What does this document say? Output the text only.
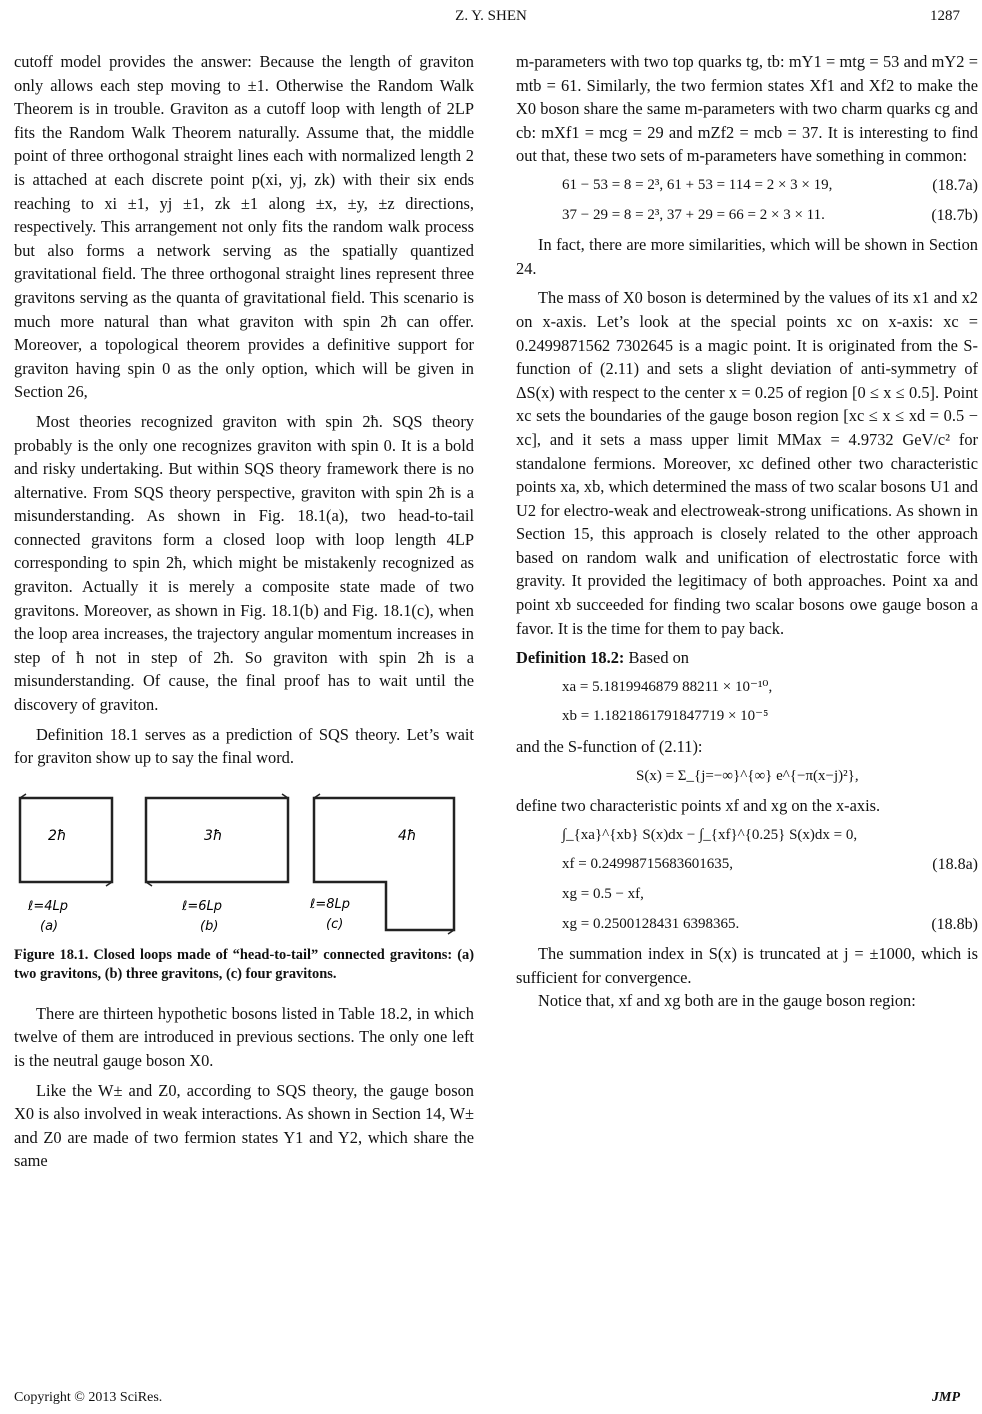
Z. Y. SHEN	1287

cutoff model provides the answer: Because the length of graviton only allows each step moving to ±1. Otherwise the Random Walk Theorem is in trouble. Graviton as a cutoff loop with length of 2LP fits the Random Walk Theorem naturally. Assume that, the middle point of three orthogonal straight lines each with normalized length 2 is attached at each discrete point p(xi, yj, zk) with their six ends reaching to xi ±1, yj ±1, zk ±1 along ±x, ±y, ±z directions, respectively. This arrangement not only fits the random walk process but also forms a network serving as the spatially quantized gravitational field. The three orthogonal straight lines represent three gravitons serving as the quanta of gravitational field. This scenario is much more natural than what graviton with spin 2ħ can offer. Moreover, a topological theorem provides a definitive support for graviton having spin 0 as the only option, which will be given in Section 26,

Most theories recognized graviton with spin 2ħ. SQS theory probably is the only one recognizes graviton with spin 0. It is a bold and risky undertaking. But within SQS theory framework there is no alternative. From SQS theory perspective, graviton with spin 2ħ is a misunderstanding. As shown in Fig. 18.1(a), two head-to-tail connected gravitons form a closed loop with loop length 4LP corresponding to spin 2ħ, which might be mistakenly recognized as graviton. Actually it is merely a composite state made of two gravitons. Moreover, as shown in Fig. 18.1(b) and Fig. 18.1(c), when the loop area increases, the trajectory angular momentum increases in step of ħ not in step of 2ħ. So graviton with spin 2ħ is a misunderstanding. Of cause, the final proof has to wait until the discovery of graviton.

Definition 18.1 serves as a prediction of SQS theory. Let’s wait for graviton show up to say the final word.

2ħ	3ħ	4ħ
ℓ=4Lp
(a)
ℓ=6Lp
(b)
ℓ=8Lp
(c)

Figure 18.1. Closed loops made of “head-to-tail” connected gravitons: (a) two gravitons, (b) three gravitons, (c) four gravitons.

There are thirteen hypothetic bosons listed in Table 18.2, in which twelve of them are introduced in previous sections. The only one left is the neutral gauge boson X0.

Like the W± and Z0, according to SQS theory, the gauge boson X0 is also involved in weak interactions. As shown in Section 14, W± and Z0 are made of two fermion states Y1 and Y2, which share the same

m-parameters with two top quarks tg, tb: mY1 = mtg = 53 and mY2 = mtb = 61. Similarly, the two fermion states Xf1 and Xf2 to make the X0 boson share the same m-parameters with two charm quarks cg and cb: mXf1 = mcg = 29 and mZf2 = mcb = 37. It is interesting to find out that, these two sets of m-parameters have something in common:

61 − 53 = 8 = 2³, 61 + 53 = 114 = 2 × 3 × 19,	(18.7a)
37 − 29 = 8 = 2³, 37 + 29 = 66 = 2 × 3 × 11.	(18.7b)

In fact, there are more similarities, which will be shown in Section 24.

The mass of X0 boson is determined by the values of its x1 and x2 on x-axis. Let’s look at the special points xc on x-axis: xc = 0.2499871562 7302645 is a magic point. It is originated from the S-function of (2.11) and sets a slight deviation of anti-symmetry of ΔS(x) with respect to the center x = 0.25 of region [0 ≤ x ≤ 0.5]. Point xc sets the boundaries of the gauge boson region [xc ≤ x ≤ xd = 0.5 − xc], and it sets a mass upper limit MMax = 4.9732 GeV/c² for standalone fermions. Moreover, xc defined other two characteristic points xa, xb, which determined the mass of two scalar bosons U1 and U2 for electro-weak and electroweak-strong unifications. As shown in Section 15, this approach is closely related to the other approach based on random walk and unification of electrostatic force with gravity. It provided the legitimacy of both approaches. Point xa and point xb succeeded for finding two scalar bosons owe gauge boson a favor. It is the time for them to pay back.

Definition 18.2: Based on

xa = 5.1819946879 88211 × 10⁻¹⁰,
xb = 1.1821861791847719 × 10⁻⁵

and the S-function of (2.11):

S(x) = Σ_{j=−∞}^{∞} e^{−π(x−j)²},

define two characteristic points xf and xg on the x-axis.

∫_{xa}^{xb} S(x)dx − ∫_{xf}^{0.25} S(x)dx = 0,
xf = 0.24998715683601635,	(18.8a)
xg = 0.5 − xf,
xg = 0.2500128431 6398365.	(18.8b)

The summation index in S(x) is truncated at j = ±1000, which is sufficient for convergence.

Notice that, xf and xg both are in the gauge boson region:

Copyright © 2013 SciRes.	JMP
